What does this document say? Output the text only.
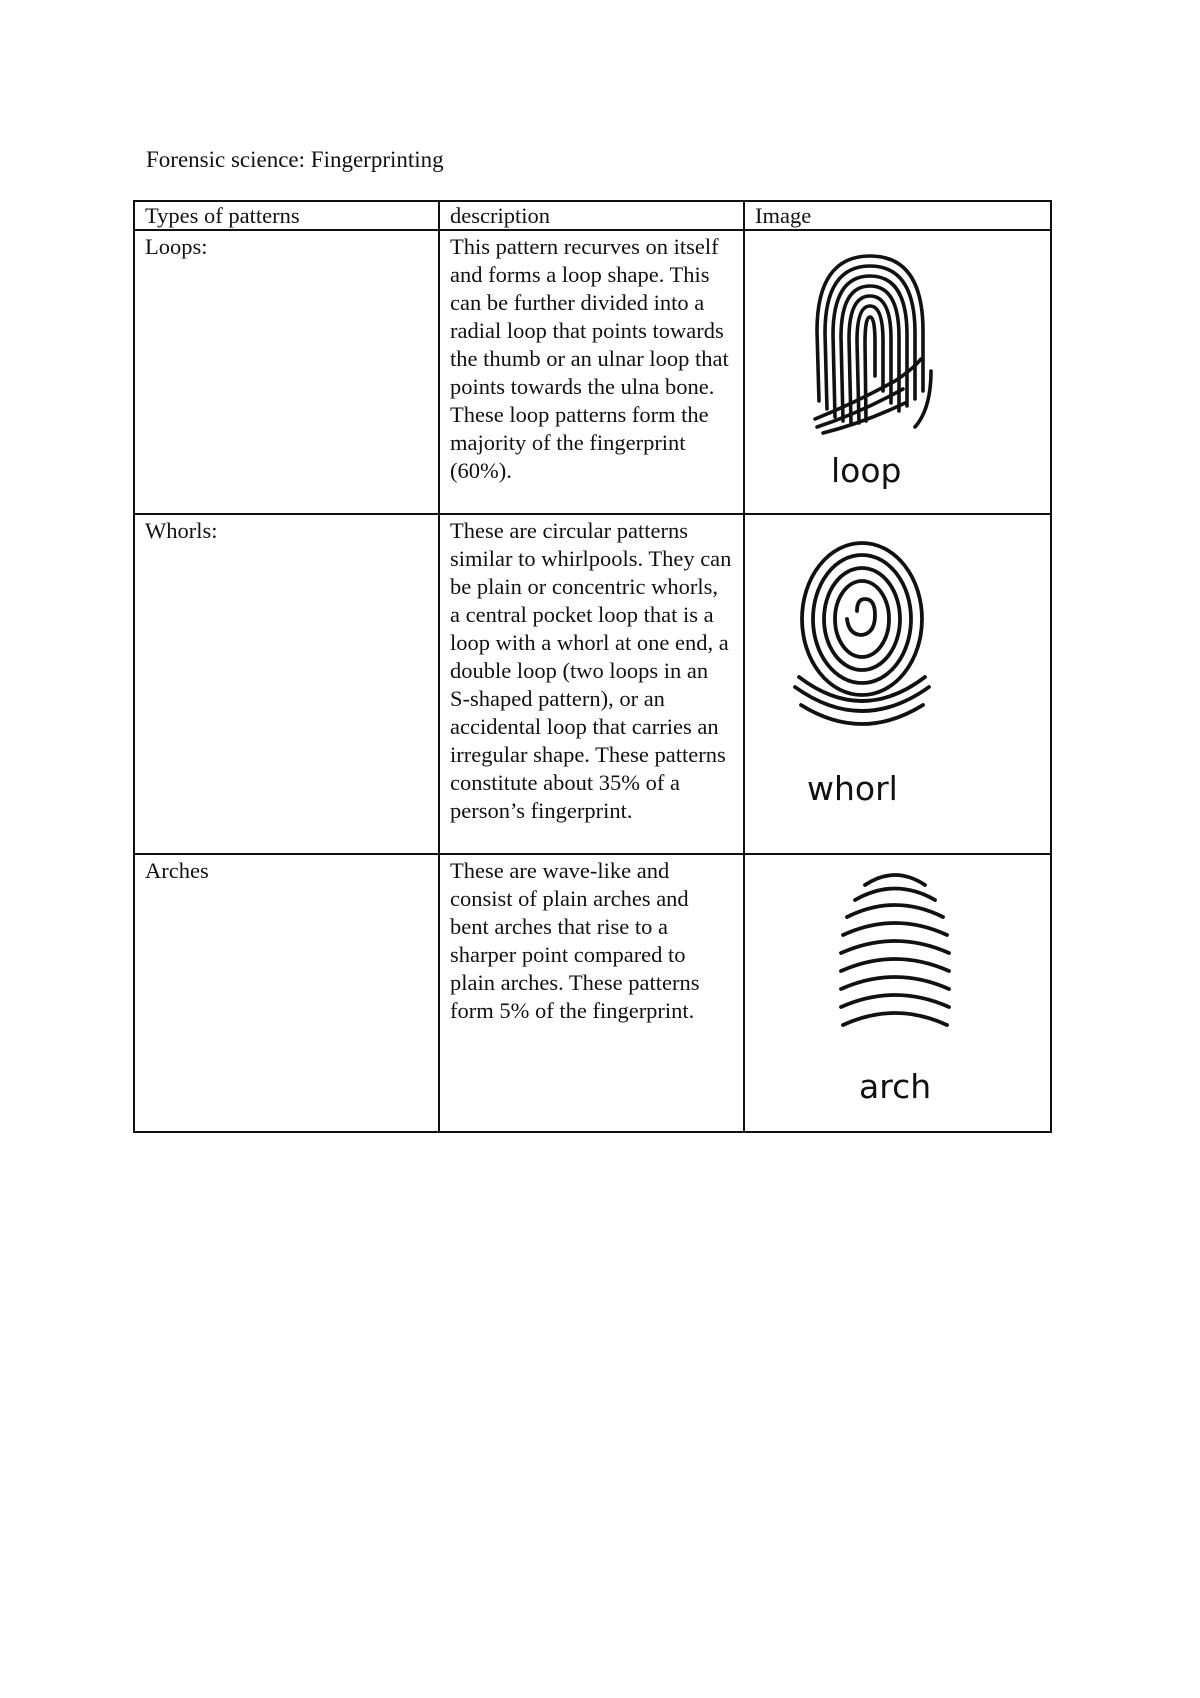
Forensic science: Fingerprinting
Types of patterns	description	Image
Loops:	This pattern recurves on itself and forms a loop shape. This can be further divided into a radial loop that points towards the thumb or an ulnar loop that points towards the ulna bone. These loop patterns form the majority of the fingerprint (60%).	loop

Whorls:	These are circular patterns similar to whirlpools. They can be plain or concentric whorls, a central pocket loop that is a loop with a whorl at one end, a double loop (two loops in an S-shaped pattern), or an accidental loop that carries an irregular shape. These patterns constitute about 35% of a person’s fingerprint.	whorl

Arches	These are wave-like and consist of plain arches and bent arches that rise to a sharper point compared to plain arches. These patterns form 5% of the fingerprint.	arch
